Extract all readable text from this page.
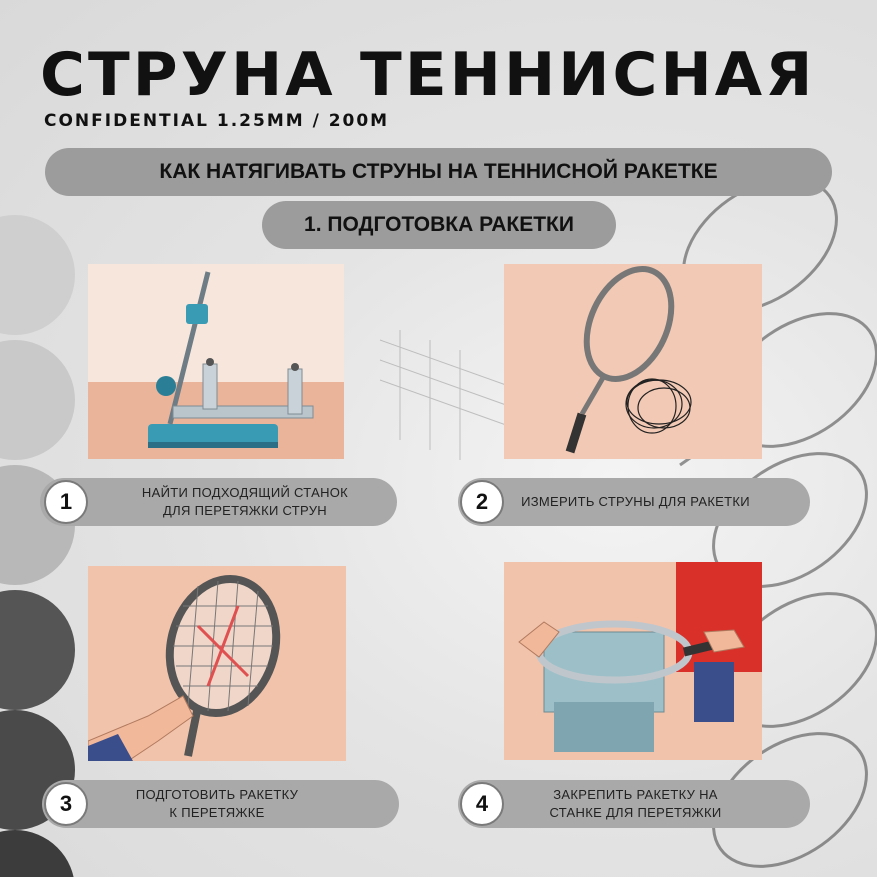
СТРУНА ТЕННИСНАЯ
CONFIDENTIAL 1.25MM / 200M
КАК НАТЯГИВАТЬ СТРУНЫ НА ТЕННИСНОЙ РАКЕТКЕ
1. ПОДГОТОВКА РАКЕТКИ
1	НАЙТИ ПОДХОДЯЩИЙ СТАНОК
ДЛЯ ПЕРЕТЯЖКИ СТРУН	2	ИЗМЕРИТЬ СТРУНЫ ДЛЯ РАКЕТКИ
3	ПОДГОТОВИТЬ РАКЕТКУ
К ПЕРЕТЯЖКЕ	4	ЗАКРЕПИТЬ РАКЕТКУ НА
СТАНКЕ ДЛЯ ПЕРЕТЯЖКИ
